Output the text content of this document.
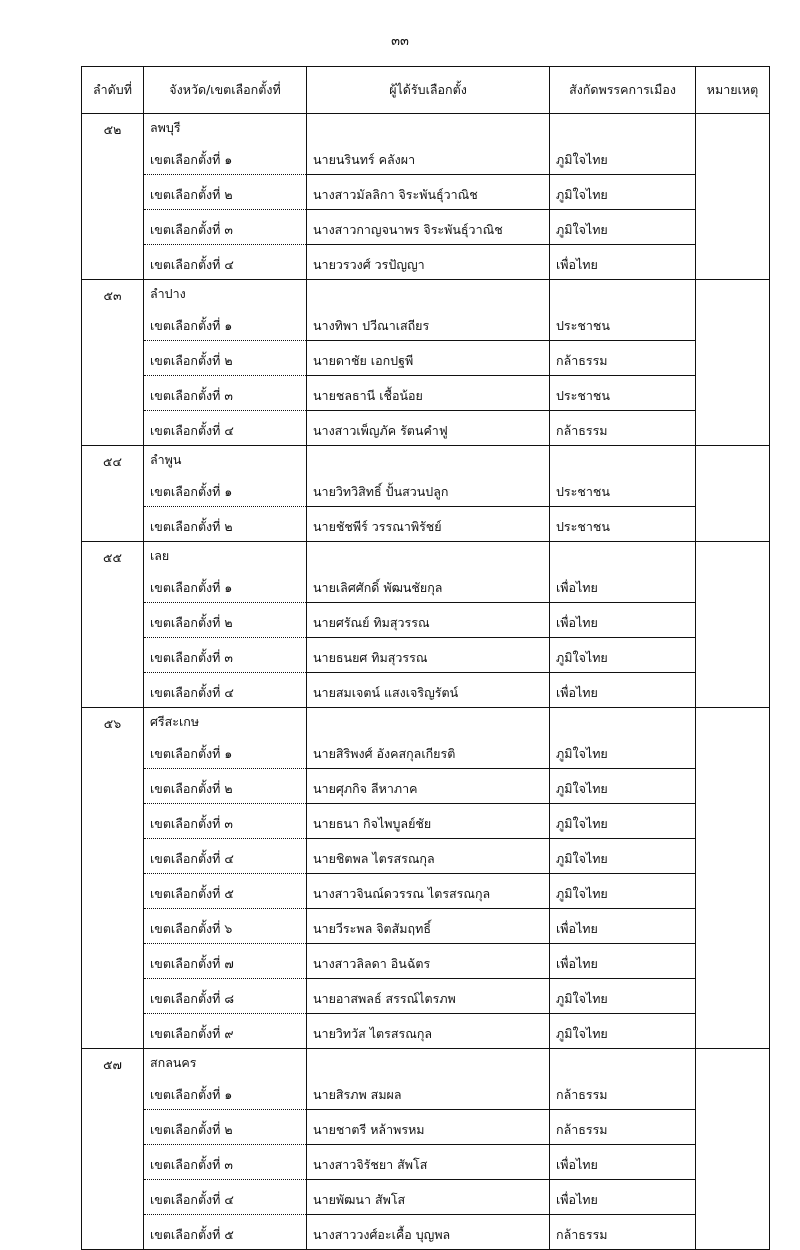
๓๓
ลำดับที่	จังหวัด/เขตเลือกตั้งที่	ผู้ได้รับเลือกตั้ง	สังกัดพรรคการเมือง	หมายเหตุ
๕๒	ลพบุรี			
	เขตเลือกตั้งที่ ๑	นายนรินทร์ คลังผา	ภูมิใจไทย	
	เขตเลือกตั้งที่ ๒	นางสาวมัลลิกา จิระพันธุ์วาณิช	ภูมิใจไทย	
	เขตเลือกตั้งที่ ๓	นางสาวกาญจนาพร จิระพันธุ์วาณิช	ภูมิใจไทย	
	เขตเลือกตั้งที่ ๔	นายวรวงศ์ วรปัญญา	เพื่อไทย	
๕๓	ลำปาง			
	เขตเลือกตั้งที่ ๑	นางทิพา ปวีณาเสถียร	ประชาชน	
	เขตเลือกตั้งที่ ๒	นายดาชัย เอกปฐพี	กล้าธรรม	
	เขตเลือกตั้งที่ ๓	นายชลธานี เชื้อน้อย	ประชาชน	
	เขตเลือกตั้งที่ ๔	นางสาวเพ็ญภัค รัตนคำฟู	กล้าธรรม	
๕๔	ลำพูน			
	เขตเลือกตั้งที่ ๑	นายวิทวิสิทธิ์ ปั้นสวนปลูก	ประชาชน	
	เขตเลือกตั้งที่ ๒	นายชัชพีร์ วรรณาพิรัชย์	ประชาชน	
๕๕	เลย			
	เขตเลือกตั้งที่ ๑	นายเลิศศักดิ์ พัฒนชัยกุล	เพื่อไทย	
	เขตเลือกตั้งที่ ๒	นายศรัณย์ ทิมสุวรรณ	เพื่อไทย	
	เขตเลือกตั้งที่ ๓	นายธนยศ ทิมสุวรรณ	ภูมิใจไทย	
	เขตเลือกตั้งที่ ๔	นายสมเจตน์ แสงเจริญรัตน์	เพื่อไทย	
๕๖	ศรีสะเกษ			
	เขตเลือกตั้งที่ ๑	นายสิริพงศ์ อังคสกุลเกียรติ	ภูมิใจไทย	
	เขตเลือกตั้งที่ ๒	นายศุภกิจ ลีหาภาค	ภูมิใจไทย	
	เขตเลือกตั้งที่ ๓	นายธนา กิจไพบูลย์ชัย	ภูมิใจไทย	
	เขตเลือกตั้งที่ ๔	นายชิตพล ไตรสรณกุล	ภูมิใจไทย	
	เขตเลือกตั้งที่ ๕	นางสาวจินณ์ดวรรณ ไตรสรณกุล	ภูมิใจไทย	
	เขตเลือกตั้งที่ ๖	นายวีระพล จิตสัมฤทธิ์	เพื่อไทย	
	เขตเลือกตั้งที่ ๗	นางสาวลิลดา อินฉัตร	เพื่อไทย	
	เขตเลือกตั้งที่ ๘	นายอาสพลธ์ สรรณ์ไตรภพ	ภูมิใจไทย	
	เขตเลือกตั้งที่ ๙	นายวิทวัส ไตรสรณกุล	ภูมิใจไทย	
๕๗	สกลนคร			
	เขตเลือกตั้งที่ ๑	นายสิรภพ สมผล	กล้าธรรม	
	เขตเลือกตั้งที่ ๒	นายชาตรี หล้าพรหม	กล้าธรรม	
	เขตเลือกตั้งที่ ๓	นางสาวจิรัชยา สัพโส	เพื่อไทย	
	เขตเลือกตั้งที่ ๔	นายพัฒนา สัพโส	เพื่อไทย	
	เขตเลือกตั้งที่ ๕	นางสาววงศ์อะเคื้อ บุญพล	กล้าธรรม	
